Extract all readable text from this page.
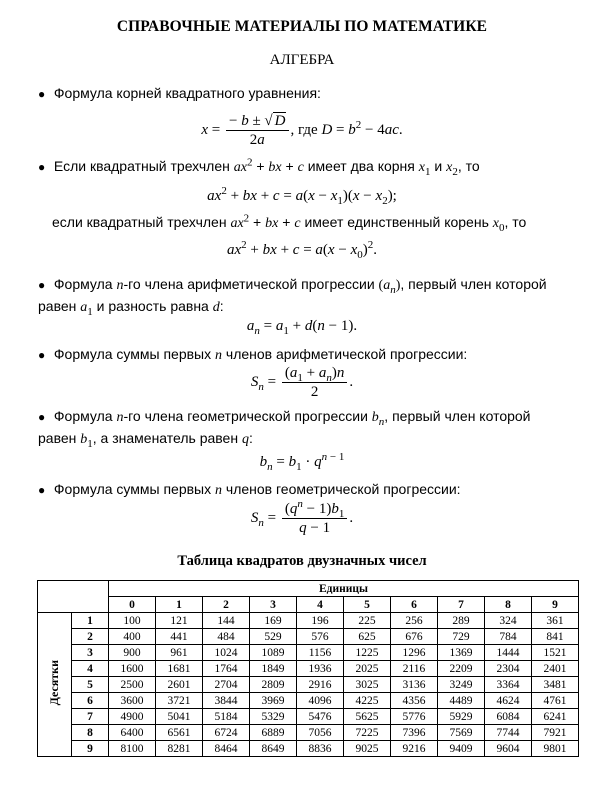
СПРАВОЧНЫЕ МАТЕРИАЛЫ ПО МАТЕМАТИКЕ
АЛГЕБРА
● Формула корней квадратного уравнения:
$x = \frac{- b \pm √ D}{2a}$ , где $D = b^2 - 4ac$.
● Если квадратный трехчлен $ax^2$ + bx + c имеет два корня $x_1$ и $x_2$, то
$ax^2$ + bx + $c = a(x - x_1)(x - x_2)$;
если квадратный трехчлен $ax^2$ + bx + c имеет единственный корень $x_0$, то
$ax^2$ + bx + $c = a(x - x_0)^2$.
● Формула n-го члена арифметической прогрессии $(a_n)$, первый член которой
равен $a_1$ и разность равна d:
$a_n = a_1 + d(n - 1)$.
● Формула суммы первых n членов арифметической прогрессии:
$S_n = \frac{(a_1 + a_n)n}{2}$ .
● Формула n-го члена геометрической прогрессии $b_n$, первый член которой
равен $b_1$, а знаменатель равен q:
$b_n = b_1 \cdot q^{n - 1}$
● Формула суммы первых n членов геометрической прогрессии:
$S_n = \frac{(q^n - 1)b_1}{q - 1}$ .
Таблица квадратов двузначных чисел
		Единицы									
		0	1	2	3	4	5	6	7	8	9
Десятки	1	100	121	144	169	196	225	256	289	324	361
	2	400	441	484	529	576	625	676	729	784	841
	3	900	961	1024	1089	1156	1225	1296	1369	1444	1521
	4	1600	1681	1764	1849	1936	2025	2116	2209	2304	2401
	5	2500	2601	2704	2809	2916	3025	3136	3249	3364	3481
	6	3600	3721	3844	3969	4096	4225	4356	4489	4624	4761
	7	4900	5041	5184	5329	5476	5625	5776	5929	6084	6241
	8	6400	6561	6724	6889	7056	7225	7396	7569	7744	7921
	9	8100	8281	8464	8649	8836	9025	9216	9409	9604	9801
